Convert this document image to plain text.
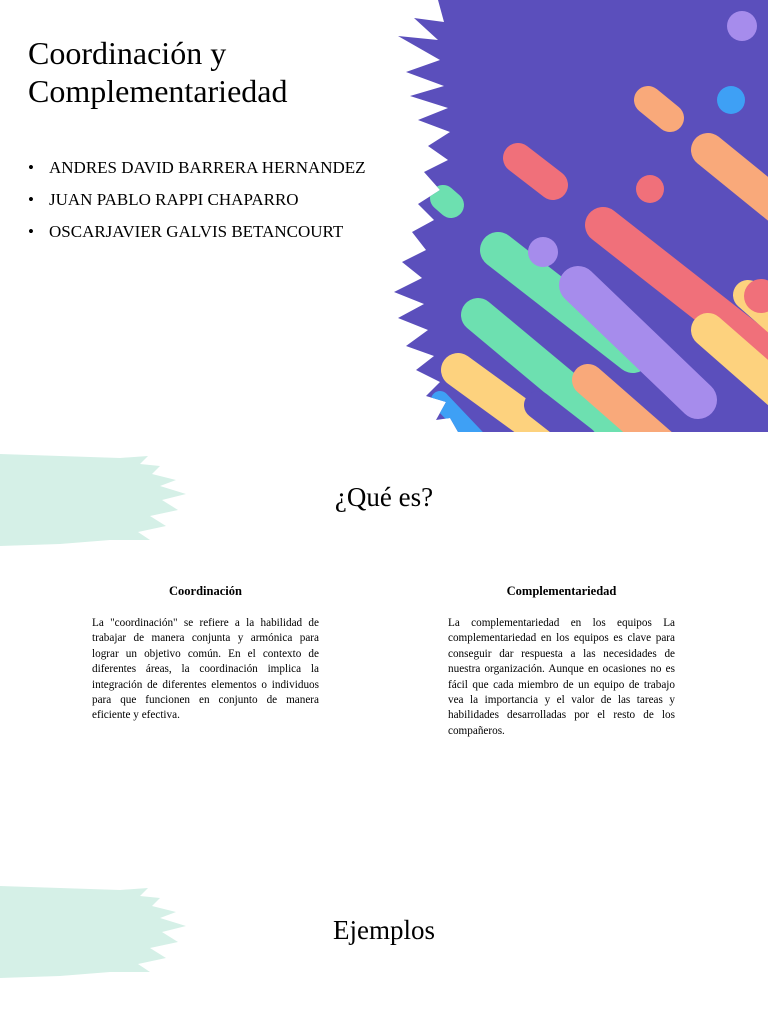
Coordinación y Complementariedad
• ANDRES DAVID BARRERA HERNANDEZ
• JUAN PABLO RAPPI CHAPARRO
• OSCARJAVIER GALVIS BETANCOURT
¿Qué es?
Coordinación

La "coordinación" se refiere a la habilidad de trabajar de manera conjunta y armónica para lograr un objetivo común. En el contexto de diferentes áreas, la coordinación implica la integración de diferentes elementos o individuos para que funcionen en conjunto de manera eficiente y efectiva.

Complementariedad

La complementariedad en los equipos La complementariedad en los equipos es clave para conseguir dar respuesta a las necesidades de nuestra organización. Aunque en ocasiones no es fácil que cada miembro de un equipo de trabajo vea la importancia y el valor de las tareas y habilidades desarrolladas por el resto de los compañeros.

Ejemplos
